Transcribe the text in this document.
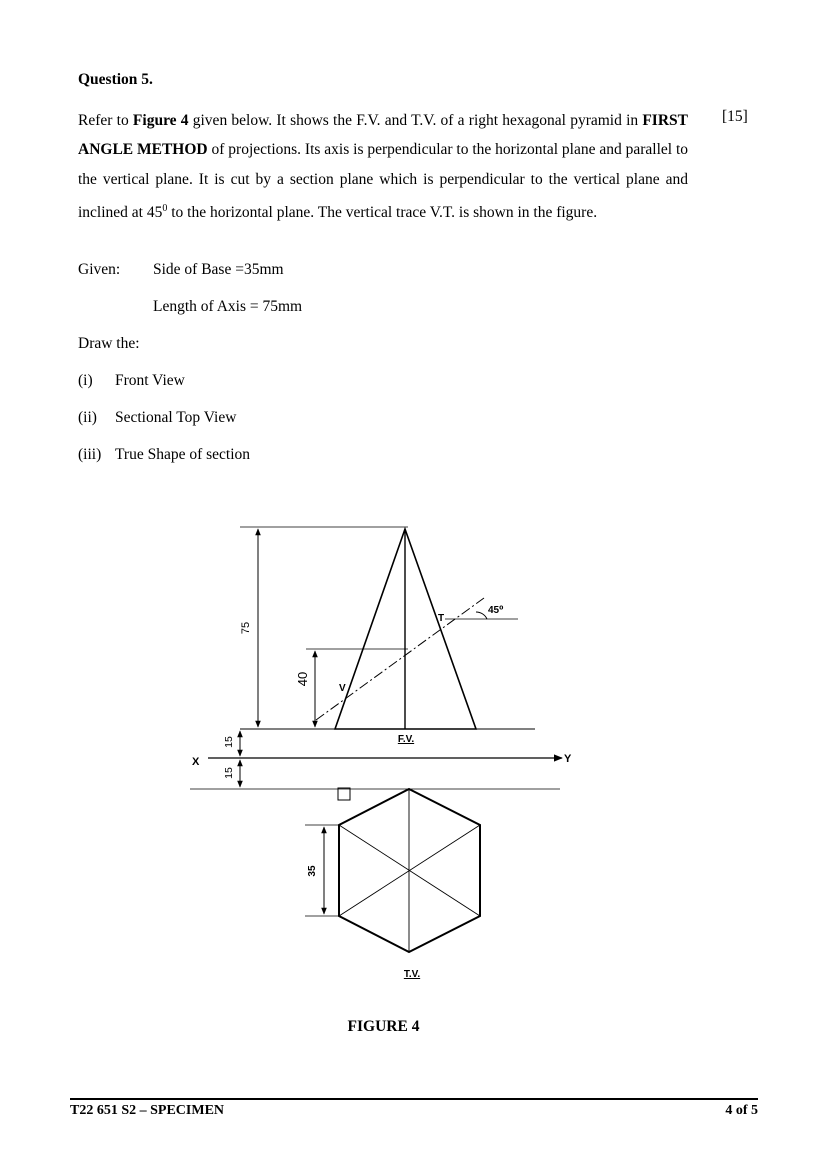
Question 5.
[15]
Refer to Figure 4 given below. It shows the F.V. and T.V. of a right hexagonal pyramid in FIRST ANGLE METHOD of projections. Its axis is perpendicular to the horizontal plane and parallel to the vertical plane. It is cut by a section plane which is perpendicular to the vertical plane and inclined at $45^0$ to the horizontal plane. The vertical trace V.T. is shown in the figure.
Given: Side of Base =35mm
Length of Axis = 75mm
Draw the:
(i) Front View
(ii) Sectional Top View
(iii) True Shape of section
75
40
15
15
35
45⁰
T
V
F.V.
T.V.
X	Y
FIGURE 4
T22 651 S2 – SPECIMEN	4 of 5
